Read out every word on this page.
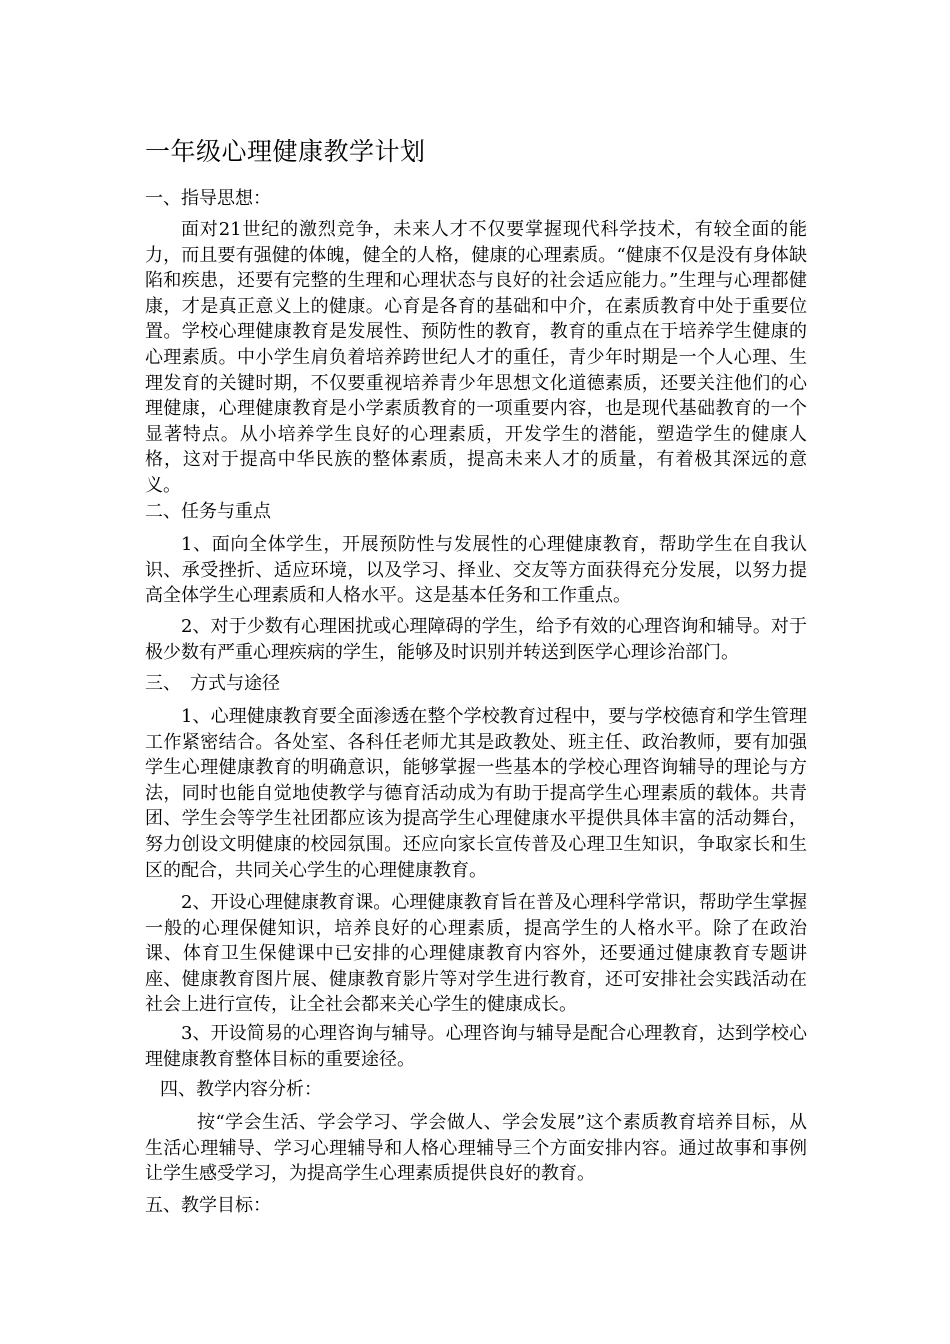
一年级心理健康教学计划
一、指导思想：

面对21世纪的激烈竞争，未来人才不仅要掌握现代科学技术，有较全面的能力，而且要有强健的体魄，健全的人格，健康的心理素质。“健康不仅是没有身体缺陷和疾患，还要有完整的生理和心理状态与良好的社会适应能力。”生理与心理都健康，才是真正意义上的健康。心育是各育的基础和中介，在素质教育中处于重要位置。学校心理健康教育是发展性、预防性的教育，教育的重点在于培养学生健康的心理素质。中小学生肩负着培养跨世纪人才的重任，青少年时期是一个人心理、生理发育的关键时期，不仅要重视培养青少年思想文化道德素质，还要关注他们的心理健康，心理健康教育是小学素质教育的一项重要内容，也是现代基础教育的一个显著特点。从小培养学生良好的心理素质，开发学生的潜能，塑造学生的健康人格，这对于提高中华民族的整体素质，提高未来人才的质量，有着极其深远的意义。

二、任务与重点

1、面向全体学生，开展预防性与发展性的心理健康教育，帮助学生在自我认识、承受挫折、适应环境，以及学习、择业、交友等方面获得充分发展，以努力提高全体学生心理素质和人格水平。这是基本任务和工作重点。

2、对于少数有心理困扰或心理障碍的学生，给予有效的心理咨询和辅导。对于极少数有严重心理疾病的学生，能够及时识别并转送到医学心理诊治部门。

三、　方式与途径

1、心理健康教育要全面渗透在整个学校教育过程中，要与学校德育和学生管理工作紧密结合。各处室、各科任老师尤其是政教处、班主任、政治教师，要有加强学生心理健康教育的明确意识，能够掌握一些基本的学校心理咨询辅导的理论与方法，同时也能自觉地使教学与德育活动成为有助于提高学生心理素质的载体。共青团、学生会等学生社团都应该为提高学生心理健康水平提供具体丰富的活动舞台，努力创设文明健康的校园氛围。还应向家长宣传普及心理卫生知识，争取家长和生区的配合，共同关心学生的心理健康教育。

2、开设心理健康教育课。心理健康教育旨在普及心理科学常识，帮助学生掌握一般的心理保健知识，培养良好的心理素质，提高学生的人格水平。除了在政治课、体育卫生保健课中已安排的心理健康教育内容外，还要通过健康教育专题讲座、健康教育图片展、健康教育影片等对学生进行教育，还可安排社会实践活动在社会上进行宣传，让全社会都来关心学生的健康成长。

3、开设简易的心理咨询与辅导。心理咨询与辅导是配合心理教育，达到学校心理健康教育整体目标的重要途径。

四、教学内容分析：

按“学会生活、学会学习、学会做人、学会发展”这个素质教育培养目标，从生活心理辅导、学习心理辅导和人格心理辅导三个方面安排内容。通过故事和事例让学生感受学习，为提高学生心理素质提供良好的教育。

五、教学目标：
